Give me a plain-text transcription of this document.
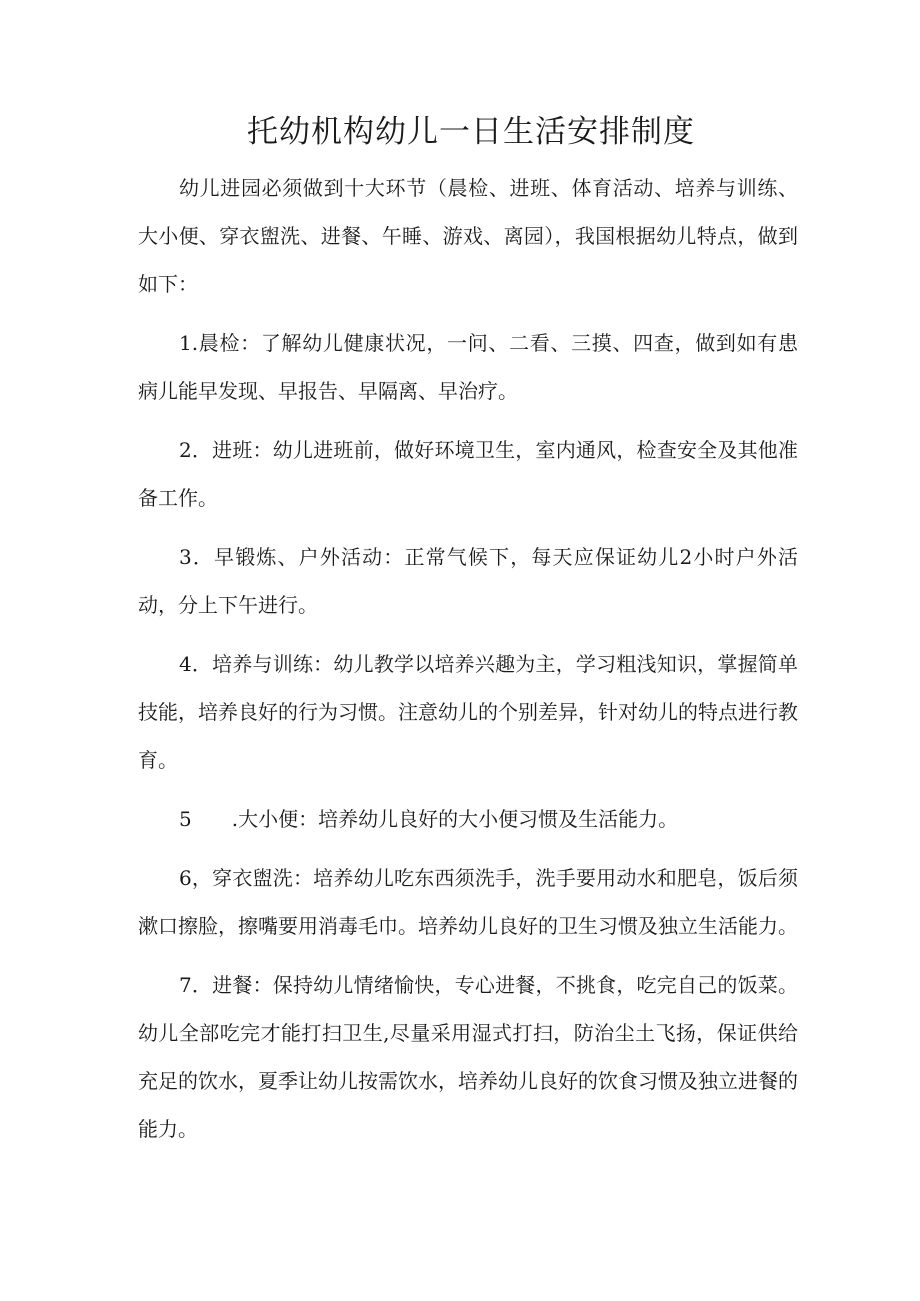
托幼机构幼儿一日生活安排制度

幼儿进园必须做到十大环节（晨检、进班、体育活动、培养与训练、大小便、穿衣盥洗、进餐、午睡、游戏、离园），我国根据幼儿特点，做到如下：

1.晨检：了解幼儿健康状况，一问、二看、三摸、四查，做到如有患病儿能早发现、早报告、早隔离、早治疗。

2．进班：幼儿进班前，做好环境卫生，室内通风，检查安全及其他准备工作。

3．早锻炼、户外活动：正常气候下，每天应保证幼儿2小时户外活动，分上下午进行。

4．培养与训练：幼儿教学以培养兴趣为主，学习粗浅知识，掌握简单技能，培养良好的行为习惯。注意幼儿的个别差异，针对幼儿的特点进行教育。

5　　.大小便：培养幼儿良好的大小便习惯及生活能力。

6，穿衣盥洗：培养幼儿吃东西须洗手，洗手要用动水和肥皂，饭后须漱口擦脸，擦嘴要用消毒毛巾。培养幼儿良好的卫生习惯及独立生活能力。

7．进餐：保持幼儿情绪愉快，专心进餐，不挑食，吃完自己的饭菜。幼儿全部吃完才能打扫卫生,尽量采用湿式打扫，防治尘土飞扬，保证供给充足的饮水，夏季让幼儿按需饮水，培养幼儿良好的饮食习惯及独立进餐的能力。
